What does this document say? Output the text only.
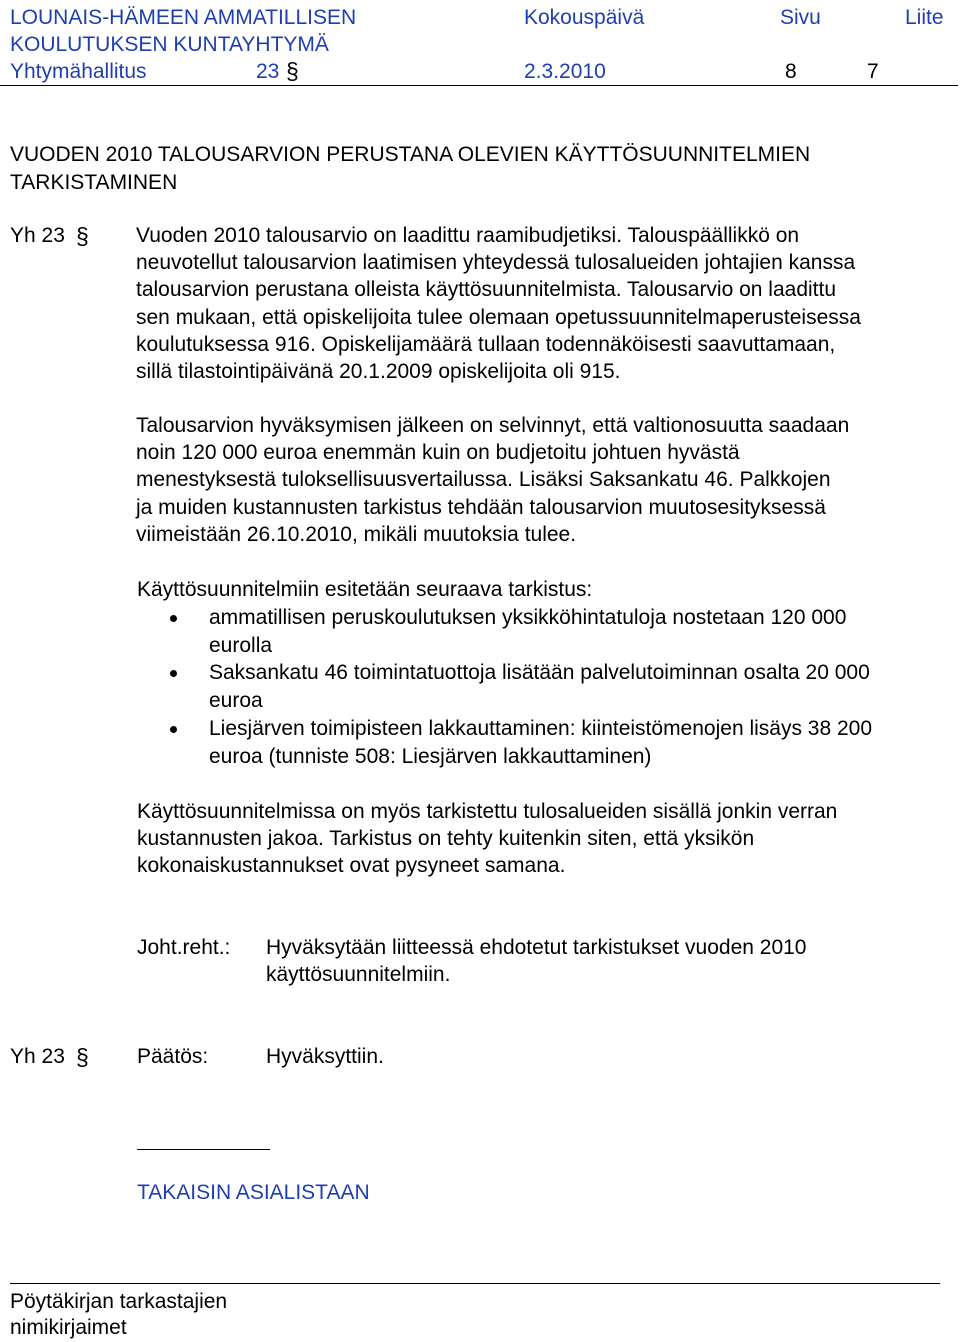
LOUNAIS-HÄMEEN AMMATILLISEN
KOULUTUKSEN KUNTAYHTYMÄ
Kokouspäivä	Sivu	Liite
Yhtymähallitus	23 §	2.3.2010	8	7
VUODEN 2010 TALOUSARVION PERUSTANA OLEVIEN KÄYTTÖSUUNNITELMIEN
TARKISTAMINEN
Yh 23 § Vuoden 2010 talousarvio on laadittu raamibudjetiksi. Talouspäällikkö on
neuvotellut talousarvion laatimisen yhteydessä tulosalueiden johtajien kanssa
talousarvion perustana olleista käyttösuunnitelmista. Talousarvio on laadittu
sen mukaan, että opiskelijoita tulee olemaan opetussuunnitelmaperusteisessa
koulutuksessa 916. Opiskelijamäärä tullaan todennäköisesti saavuttamaan,
sillä tilastointipäivänä 20.1.2009 opiskelijoita oli 915.
Talousarvion hyväksymisen jälkeen on selvinnyt, että valtionosuutta saadaan
noin 120 000 euroa enemmän kuin on budjetoitu johtuen hyvästä
menestyksestä tuloksellisuusvertailussa. Lisäksi Saksankatu 46. Palkkojen
ja muiden kustannusten tarkistus tehdään talousarvion muutosesityksessä
viimeistään 26.10.2010, mikäli muutoksia tulee.
Käyttösuunnitelmiin esitetään seuraava tarkistus:
ammatillisen peruskoulutuksen yksikköhintatuloja nostetaan 120 000
eurolla
Saksankatu 46 toimintatuottoja lisätään palvelutoiminnan osalta 20 000
euroa
Liesjärven toimipisteen lakkauttaminen: kiinteistömenojen lisäys 38 200
euroa (tunniste 508: Liesjärven lakkauttaminen)
Käyttösuunnitelmissa on myös tarkistettu tulosalueiden sisällä jonkin verran
kustannusten jakoa. Tarkistus on tehty kuitenkin siten, että yksikön
kokonaiskustannukset ovat pysyneet samana.
Joht.reht.: Hyväksytään liitteessä ehdotetut tarkistukset vuoden 2010
käyttösuunnitelmiin.
Yh 23 § Päätös:	Hyväksyttiin.
TAKAISIN ASIALISTAAN
Pöytäkirjan tarkastajien
nimikirjaimet
